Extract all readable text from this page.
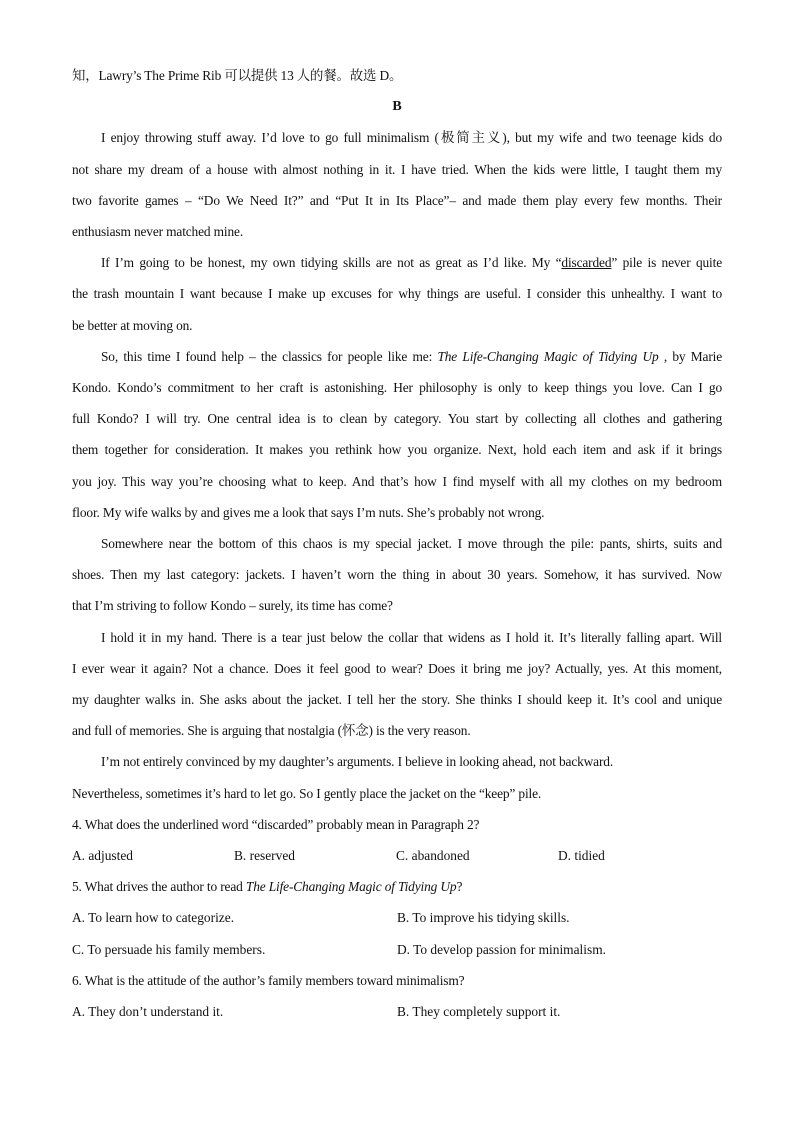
知，Lawry’s The Prime Rib 可以提供 13 人的餐。故选 D。
B
I enjoy throwing stuff away. I’d love to go full minimalism (极简主义), but my wife and two teenage kids do
not share my dream of a house with almost nothing in it. I have tried. When the kids were little, I taught them my
two favorite games – “Do We Need It?” and “Put It in Its Place”– and made them play every few months. Their
enthusiasm never matched mine.
If I’m going to be honest, my own tidying skills are not as great as I’d like. My “discarded” pile is never quite
the trash mountain I want because I make up excuses for why things are useful. I consider this unhealthy. I want to
be better at moving on.
So, this time I found help – the classics for people like me: The Life-Changing Magic of Tidying Up , by Marie
Kondo. Kondo’s commitment to her craft is astonishing. Her philosophy is only to keep things you love. Can I go
full Kondo? I will try. One central idea is to clean by category. You start by collecting all clothes and gathering
them together for consideration. It makes you rethink how you organize. Next, hold each item and ask if it brings
you joy. This way you’re choosing what to keep. And that’s how I find myself with all my clothes on my bedroom
floor. My wife walks by and gives me a look that says I’m nuts. She’s probably not wrong.
Somewhere near the bottom of this chaos is my special jacket. I move through the pile: pants, shirts, suits and
shoes. Then my last category: jackets. I haven’t worn the thing in about 30 years. Somehow, it has survived. Now
that I’m striving to follow Kondo – surely, its time has come?
I hold it in my hand. There is a tear just below the collar that widens as I hold it. It’s literally falling apart. Will
I ever wear it again? Not a chance. Does it feel good to wear? Does it bring me joy? Actually, yes. At this moment,
my daughter walks in. She asks about the jacket. I tell her the story. She thinks I should keep it. It’s cool and unique
and full of memories. She is arguing that nostalgia (怀念) is the very reason.
I’m not entirely convinced by my daughter’s arguments. I believe in looking ahead, not backward.
Nevertheless, sometimes it’s hard to let go. So I gently place the jacket on the “keep” pile.
4. What does the underlined word “discarded” probably mean in Paragraph 2?
A. adjusted	B. reserved	C. abandoned	D. tidied
5. What drives the author to read The Life-Changing Magic of Tidying Up?
A. To learn how to categorize.	B. To improve his tidying skills.
C. To persuade his family members.	D. To develop passion for minimalism.
6. What is the attitude of the author’s family members toward minimalism?
A. They don’t understand it.	B. They completely support it.
